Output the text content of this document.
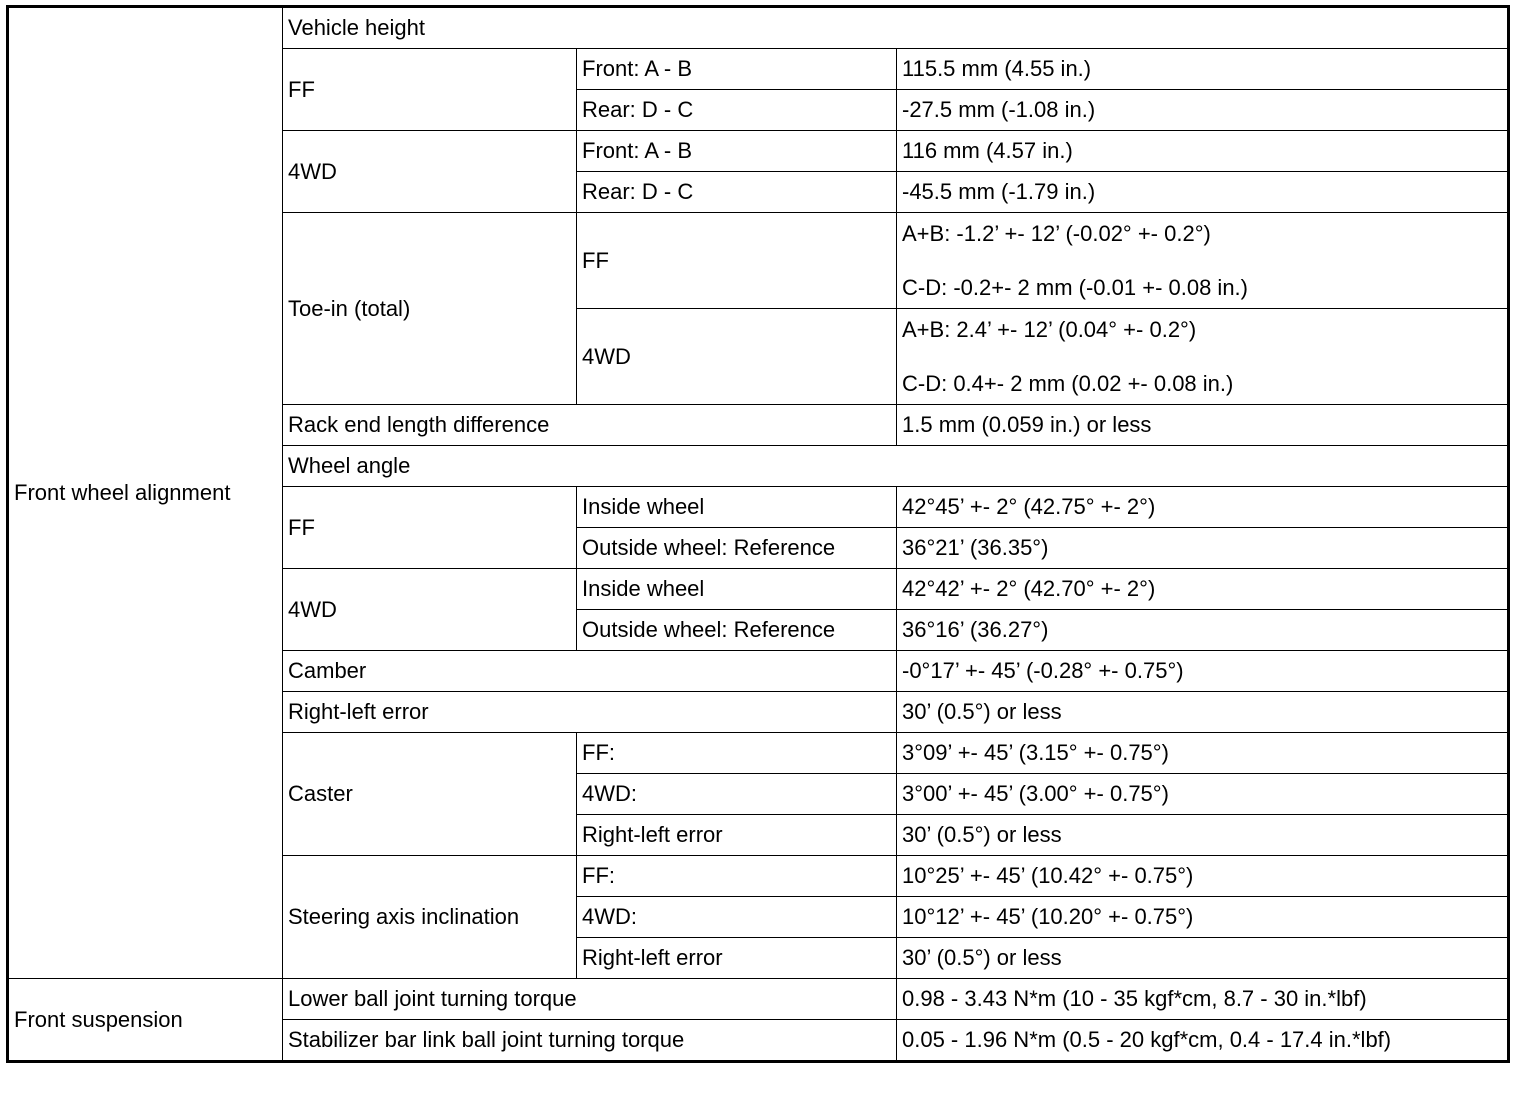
Front wheel alignment	Vehicle height		
	FF	Front: A - B	115.5 mm (4.55 in.)
		Rear: D - C	-27.5 mm (-1.08 in.)
	4WD	Front: A - B	116 mm (4.57 in.)
		Rear: D - C	-45.5 mm (-1.79 in.)
	Toe-in (total)	FF	A+B: -1.2’ +- 12’ (-0.02° +- 0.2°)
C-D: -0.2+- 2 mm (-0.01 +- 0.08 in.)

		4WD	A+B: 2.4’ +- 12’ (0.04° +- 0.2°)
C-D: 0.4+- 2 mm (0.02 +- 0.08 in.)

	Rack end length difference		1.5 mm (0.059 in.) or less
	Wheel angle		
	FF	Inside wheel	42°45’ +- 2° (42.75° +- 2°)
		Outside wheel: Reference	36°21’ (36.35°)
	4WD	Inside wheel	42°42’ +- 2° (42.70° +- 2°)
		Outside wheel: Reference	36°16’ (36.27°)
	Camber		-0°17’ +- 45’ (-0.28° +- 0.75°)
	Right-left error		30’ (0.5°) or less
	Caster	FF:	3°09’ +- 45’ (3.15° +- 0.75°)
		4WD:	3°00’ +- 45’ (3.00° +- 0.75°)
		Right-left error	30’ (0.5°) or less
	Steering axis inclination	FF:	10°25’ +- 45’ (10.42° +- 0.75°)
		4WD:	10°12’ +- 45’ (10.20° +- 0.75°)
		Right-left error	30’ (0.5°) or less
Front suspension	Lower ball joint turning torque		0.98 - 3.43 N*m (10 - 35 kgf*cm, 8.7 - 30 in.*lbf)
	Stabilizer bar link ball joint turning torque		0.05 - 1.96 N*m (0.5 - 20 kgf*cm, 0.4 - 17.4 in.*lbf)
